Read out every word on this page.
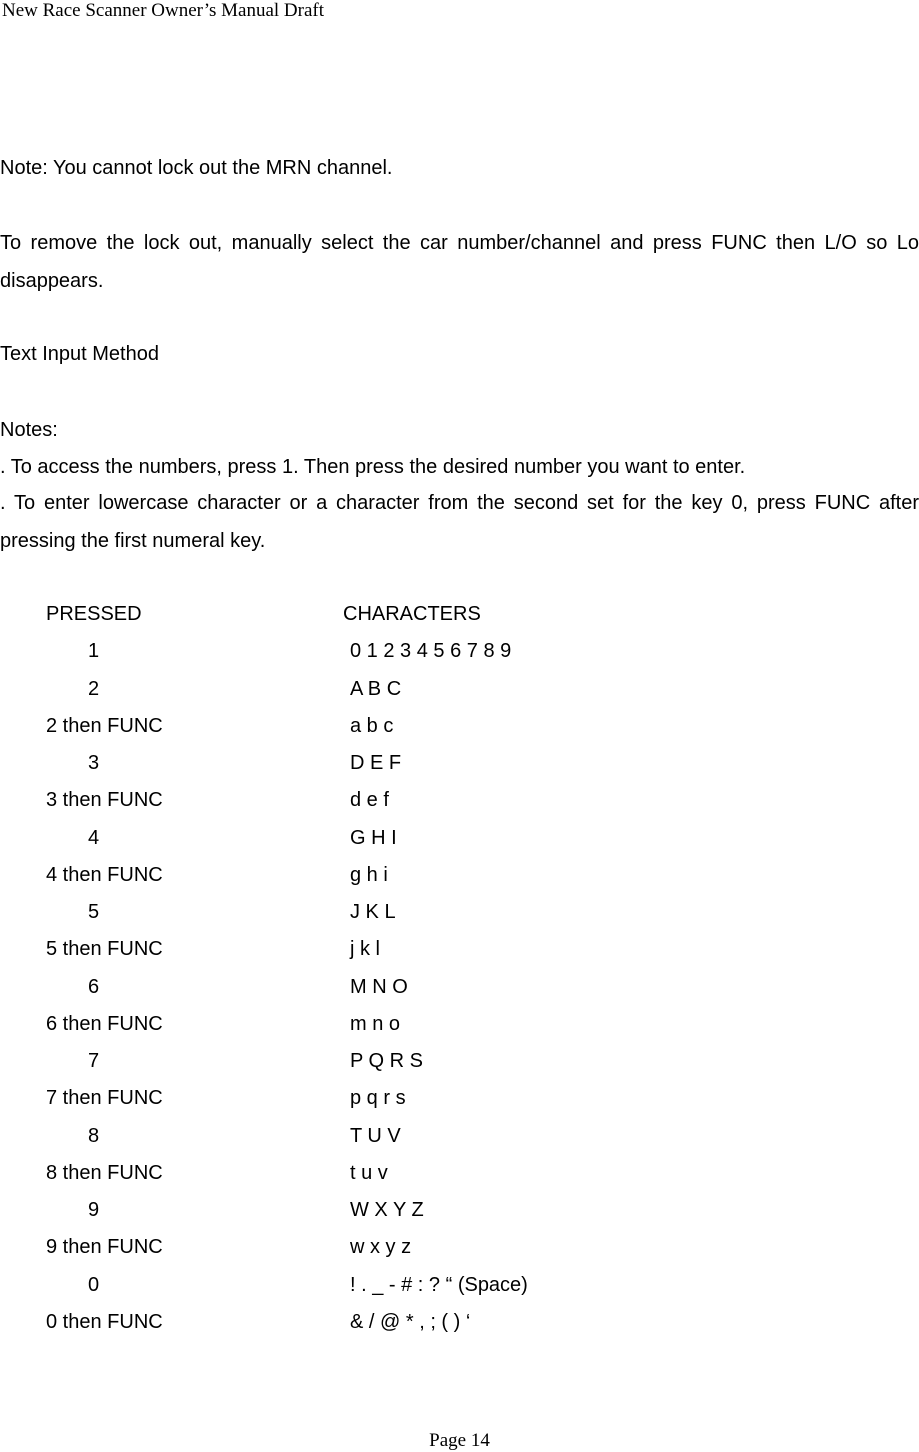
New Race Scanner Owner’s Manual Draft
Note: You cannot lock out the MRN channel.
To remove the lock out, manually select the car number/channel and press FUNC then L/O so Lo disappears.
Text Input Method
Notes:
. To access the numbers, press 1. Then press the desired number you want to enter.
. To enter lowercase character or a character from the second set for the key 0, press FUNC after pressing the first numeral key.
PRESSED	CHARACTERS
1	0 1 2 3 4 5 6 7 8 9
2	A B C
2 then FUNC	a b c
3	D E F
3 then FUNC	d e f
4	G H I
4 then FUNC	g h i
5	J K L
5 then FUNC	j k l
6	M N O
6 then FUNC	m n o
7	P Q R S
7 then FUNC	p q r s
8	T U V
8 then FUNC	t u v
9	W X Y Z
9 then FUNC	w x y z
0	! . _ - # : ? “ (Space)
0 then FUNC	& / @ * , ; ( ) ‘
Page 14
